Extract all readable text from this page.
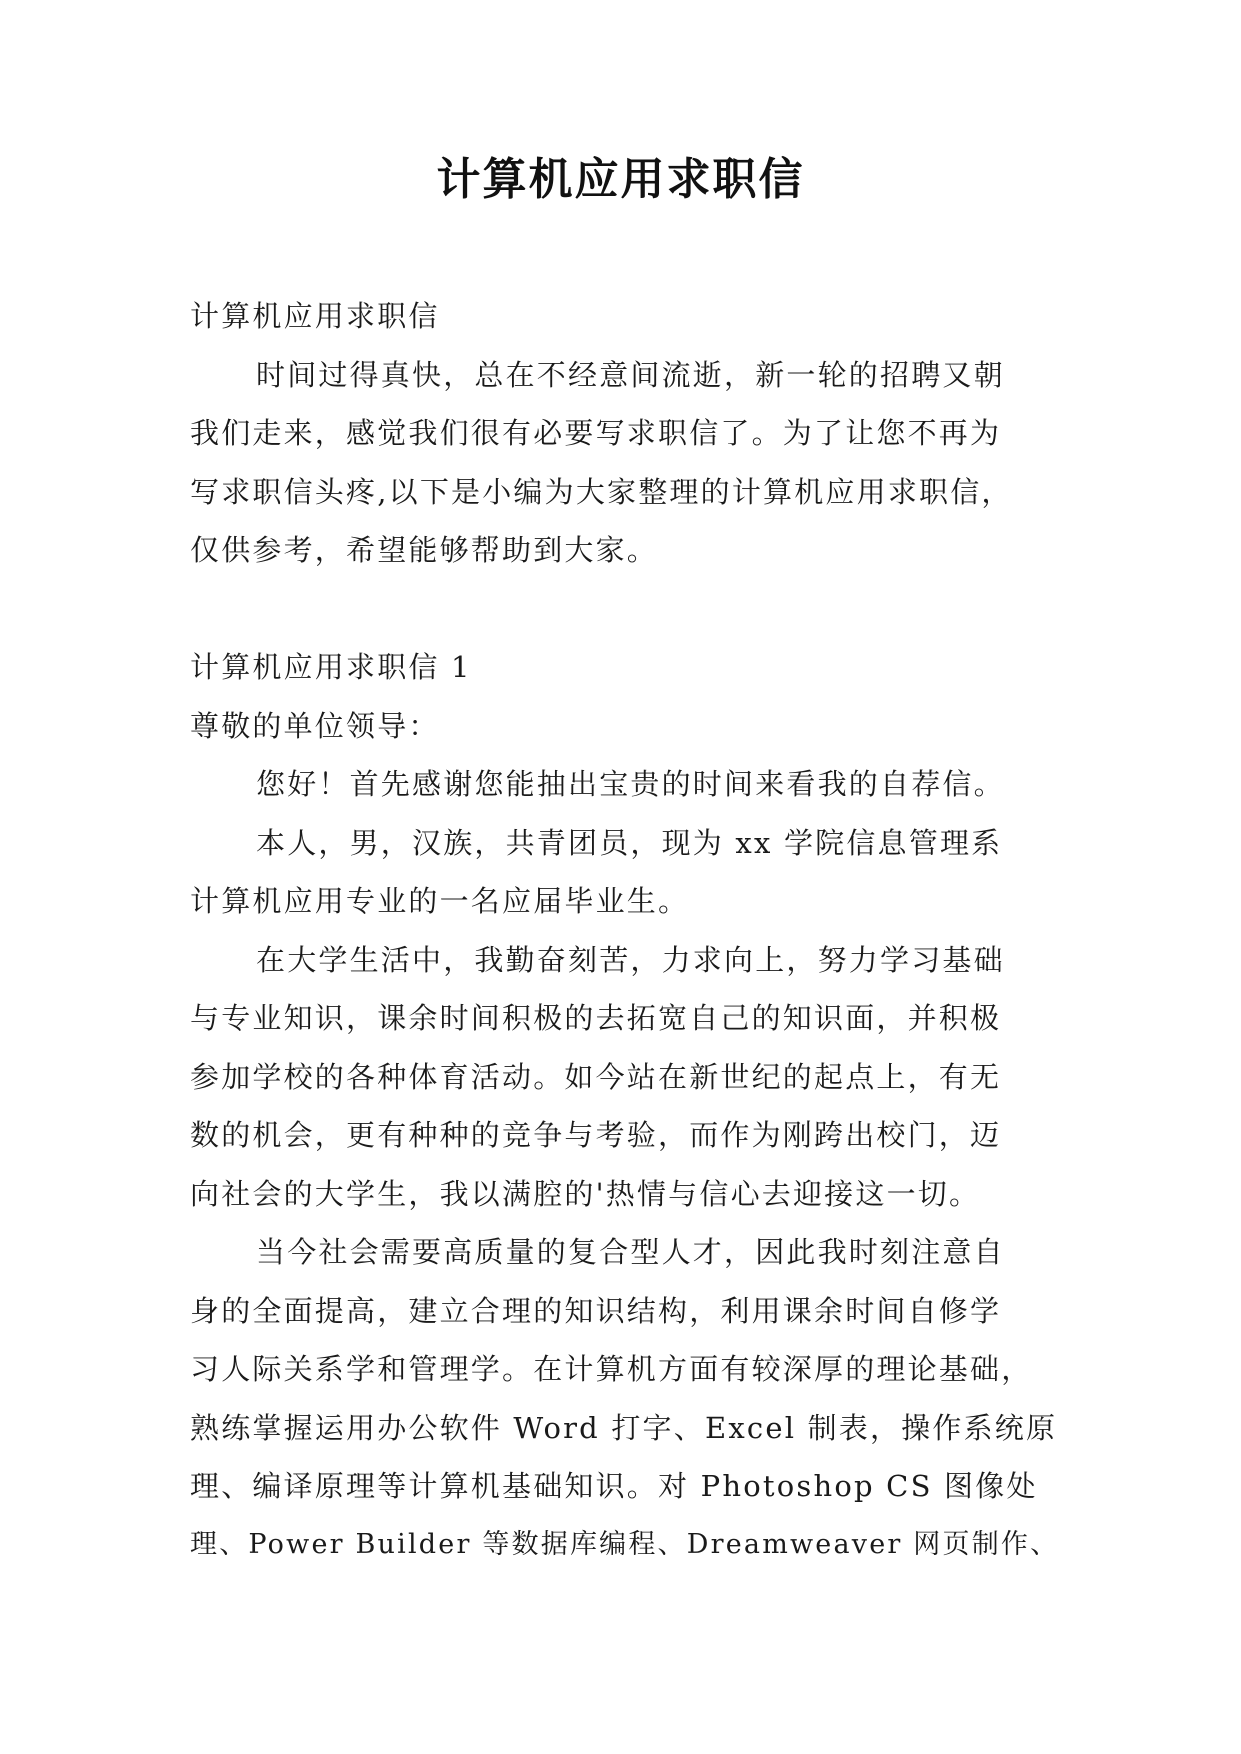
计算机应用求职信

计算机应用求职信

时间过得真快，总在不经意间流逝，新一轮的招聘又朝

我们走来，感觉我们很有必要写求职信了。为了让您不再为

写求职信头疼,以下是小编为大家整理的计算机应用求职信，

仅供参考，希望能够帮助到大家。

计算机应用求职信 1

尊敬的单位领导：

您好！首先感谢您能抽出宝贵的时间来看我的自荐信。

本人，男，汉族，共青团员，现为 xx 学院信息管理系

计算机应用专业的一名应届毕业生。

在大学生活中，我勤奋刻苦，力求向上，努力学习基础

与专业知识，课余时间积极的去拓宽自己的知识面，并积极

参加学校的各种体育活动。如今站在新世纪的起点上，有无

数的机会，更有种种的竞争与考验，而作为刚跨出校门，迈

向社会的大学生，我以满腔的'热情与信心去迎接这一切。

当今社会需要高质量的复合型人才，因此我时刻注意自

身的全面提高，建立合理的知识结构，利用课余时间自修学

习人际关系学和管理学。在计算机方面有较深厚的理论基础，

熟练掌握运用办公软件 Word 打字、Excel 制表，操作系统原

理、编译原理等计算机基础知识。对 Photoshop CS 图像处

理、Power Builder 等数据库编程、Dreamweaver 网页制作、
